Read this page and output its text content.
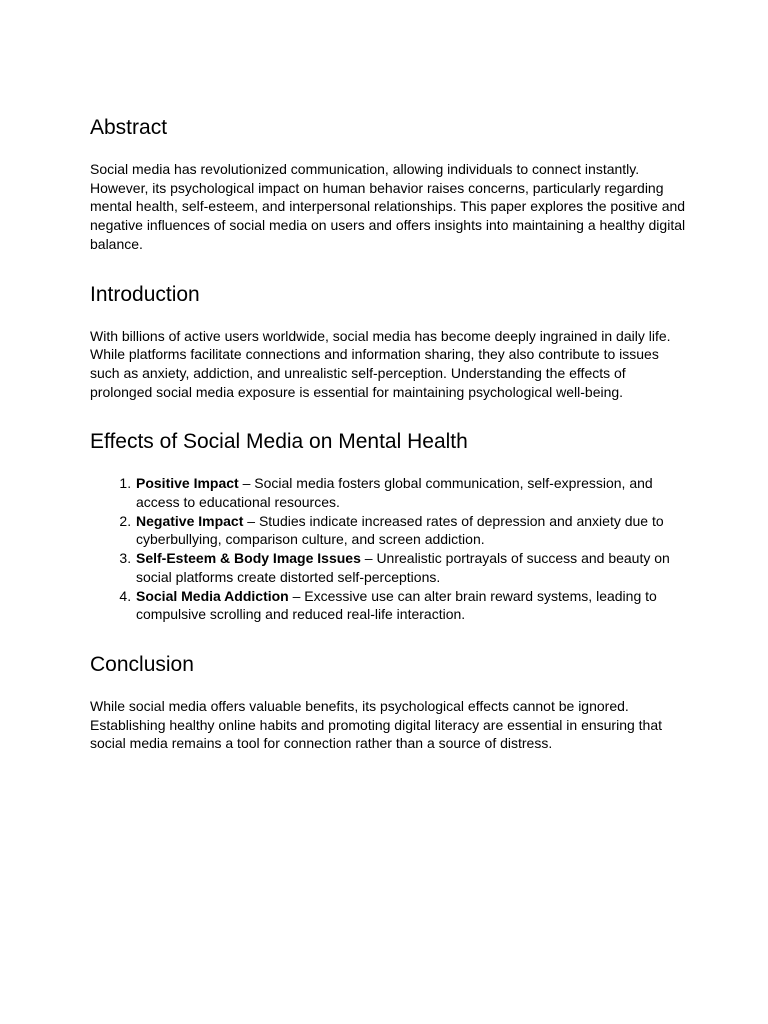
Abstract

Social media has revolutionized communication, allowing individuals to connect instantly. However, its psychological impact on human behavior raises concerns, particularly regarding mental health, self-esteem, and interpersonal relationships. This paper explores the positive and negative influences of social media on users and offers insights into maintaining a healthy digital balance.

Introduction

With billions of active users worldwide, social media has become deeply ingrained in daily life. While platforms facilitate connections and information sharing, they also contribute to issues such as anxiety, addiction, and unrealistic self-perception. Understanding the effects of prolonged social media exposure is essential for maintaining psychological well-being.

Effects of Social Media on Mental Health
1. Positive Impact – Social media fosters global communication, self-expression, and access to educational resources.
2. Negative Impact – Studies indicate increased rates of depression and anxiety due to cyberbullying, comparison culture, and screen addiction.
3. Self-Esteem & Body Image Issues – Unrealistic portrayals of success and beauty on social platforms create distorted self-perceptions.
4. Social Media Addiction – Excessive use can alter brain reward systems, leading to compulsive scrolling and reduced real-life interaction.
Conclusion

While social media offers valuable benefits, its psychological effects cannot be ignored. Establishing healthy online habits and promoting digital literacy are essential in ensuring that social media remains a tool for connection rather than a source of distress.
